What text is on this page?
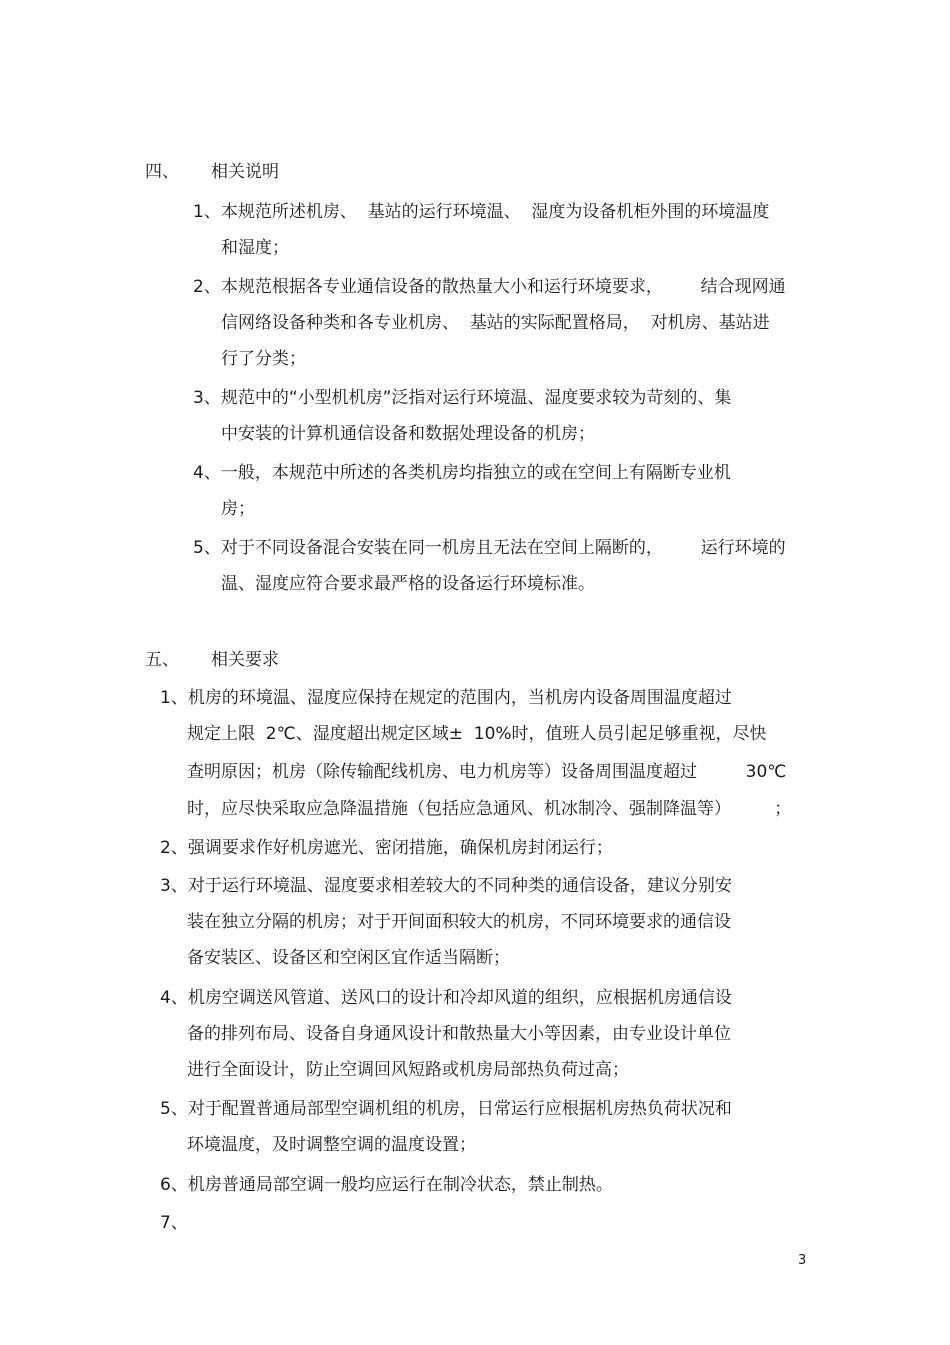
四、 相关说明
1、本规范所述机房、  基站的运行环境温、  湿度为设备机柜外围的环境温度
和湿度；
2、本规范根据各专业通信设备的散热量大小和运行环境要求，       结合现网通
信网络设备种类和各专业机房、  基站的实际配置格局，  对机房、基站进
行了分类；
3、规范中的“小型机机房”泛指对运行环境温、湿度要求较为苛刻的、集
中安装的计算机通信设备和数据处理设备的机房；
4、一般，本规范中所述的各类机房均指独立的或在空间上有隔断专业机
房；
5、对于不同设备混合安装在同一机房且无法在空间上隔断的，       运行环境的
温、湿度应符合要求最严格的设备运行环境标准。
五、 相关要求
1、机房的环境温、湿度应保持在规定的范围内，当机房内设备周围温度超过
规定上限  2℃、湿度超出规定区域±  10%时，值班人员引起足够重视，尽快
查明原因；机房（除传输配线机房、电力机房等）设备周围温度超过         30℃
时，应尽快采取应急降温措施（包括应急通风、机冰制冷、强制降温等）        ；
2、强调要求作好机房遮光、密闭措施，确保机房封闭运行；
3、对于运行环境温、湿度要求相差较大的不同种类的通信设备，建议分别安
装在独立分隔的机房；对于开间面积较大的机房，不同环境要求的通信设
备安装区、设备区和空闲区宜作适当隔断；
4、机房空调送风管道、送风口的设计和冷却风道的组织，应根据机房通信设
备的排列布局、设备自身通风设计和散热量大小等因素，由专业设计单位
进行全面设计，防止空调回风短路或机房局部热负荷过高；
5、对于配置普通局部型空调机组的机房，日常运行应根据机房热负荷状况和
环境温度，及时调整空调的温度设置；
6、机房普通局部空调一般均应运行在制冷状态，禁止制热。
7、
3
